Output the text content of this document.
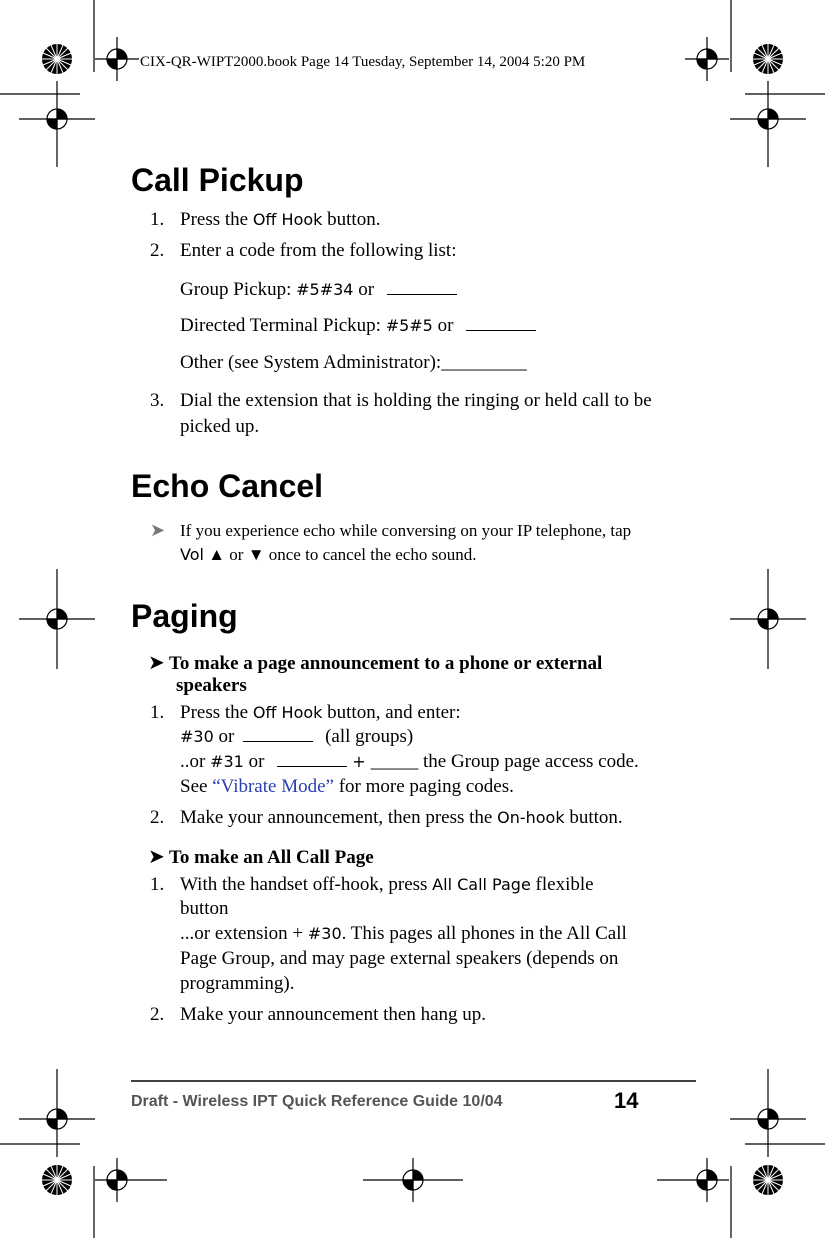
CIX-QR-WIPT2000.book Page 14 Tuesday, September 14, 2004 5:20 PM
Call Pickup
1. Press the Off Hook button.
2. Enter a code from the following list:
Group Pickup: #5#34 or
Directed Terminal Pickup: #5#5 or
Other (see System Administrator):_________
3. Dial the extension that is holding the ringing or held call to be
picked up.
Echo Cancel
➤ If you experience echo while conversing on your IP telephone, tap
Vol ▲ or ▼ once to cancel the echo sound.
Paging
➤ To make a page announcement to a phone or external
speakers
1. Press the Off Hook button, and enter:
#30 or	(all groups)
..or #31 or	+ _____ the Group page access code.
See “Vibrate Mode” for more paging codes.
2. Make your announcement, then press the On-hook button.
➤ To make an All Call Page
1. With the handset off-hook, press All Call Page flexible
button
...or extension + #30. This pages all phones in the All Call
Page Group, and may page external speakers (depends on
programming).
2. Make your announcement then hang up.
Draft - Wireless IPT Quick Reference Guide 10/04	14
